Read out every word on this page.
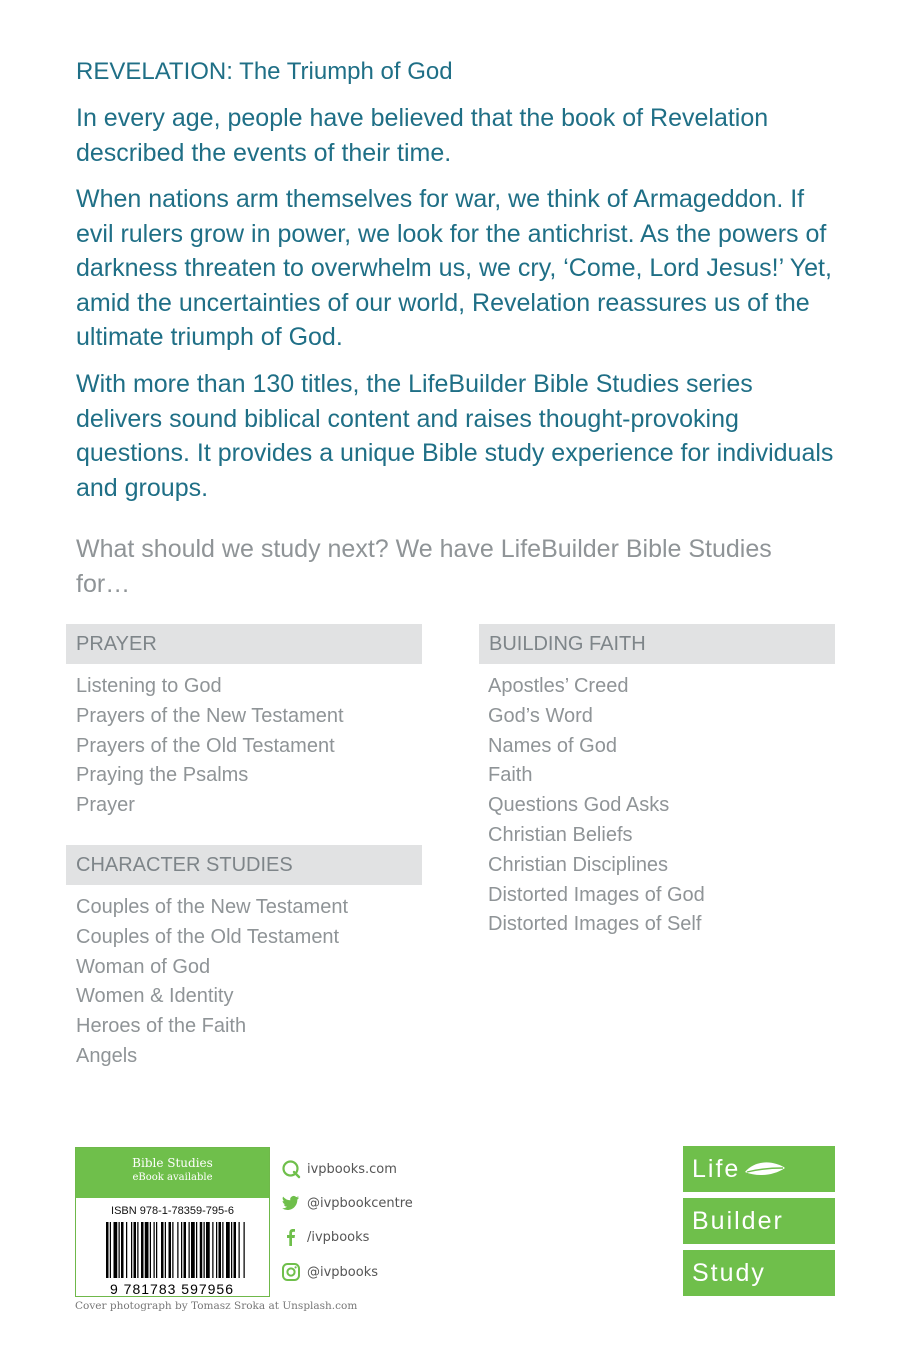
REVELATION: The Triumph of God

In every age, people have believed that the book of Revelation described the events of their time.

When nations arm themselves for war, we think of Armageddon. If evil rulers grow in power, we look for the antichrist. As the powers of darkness threaten to overwhelm us, we cry, ‘Come, Lord Jesus!’ Yet, amid the uncertainties of our world, Revelation reassures us of the ultimate triumph of God.

With more than 130 titles, the LifeBuilder Bible Studies series delivers sound biblical content and raises thought-provoking questions. It provides a unique Bible study experience for individuals and groups.

What should we study next? We have LifeBuilder Bible Studies for…

PRAYER
Listening to God
Prayers of the New Testament
Prayers of the Old Testament
Praying the Psalms
Prayer
CHARACTER STUDIES
Couples of the New Testament
Couples of the Old Testament
Woman of God
Women & Identity
Heroes of the Faith
Angels
BUILDING FAITH
Apostles’ Creed
God’s Word
Names of God
Faith
Questions God Asks
Christian Beliefs
Christian Disciplines
Distorted Images of God
Distorted Images of Self
Bible Studies
eBook available
ISBN 978-1-78359-795-6
9 781783 597956
ivpbooks.com
@ivpbookcentre
/ivpbooks
@ivpbooks
Cover photograph by Tomasz Sroka at Unsplash.com
Life
Builder
Study
